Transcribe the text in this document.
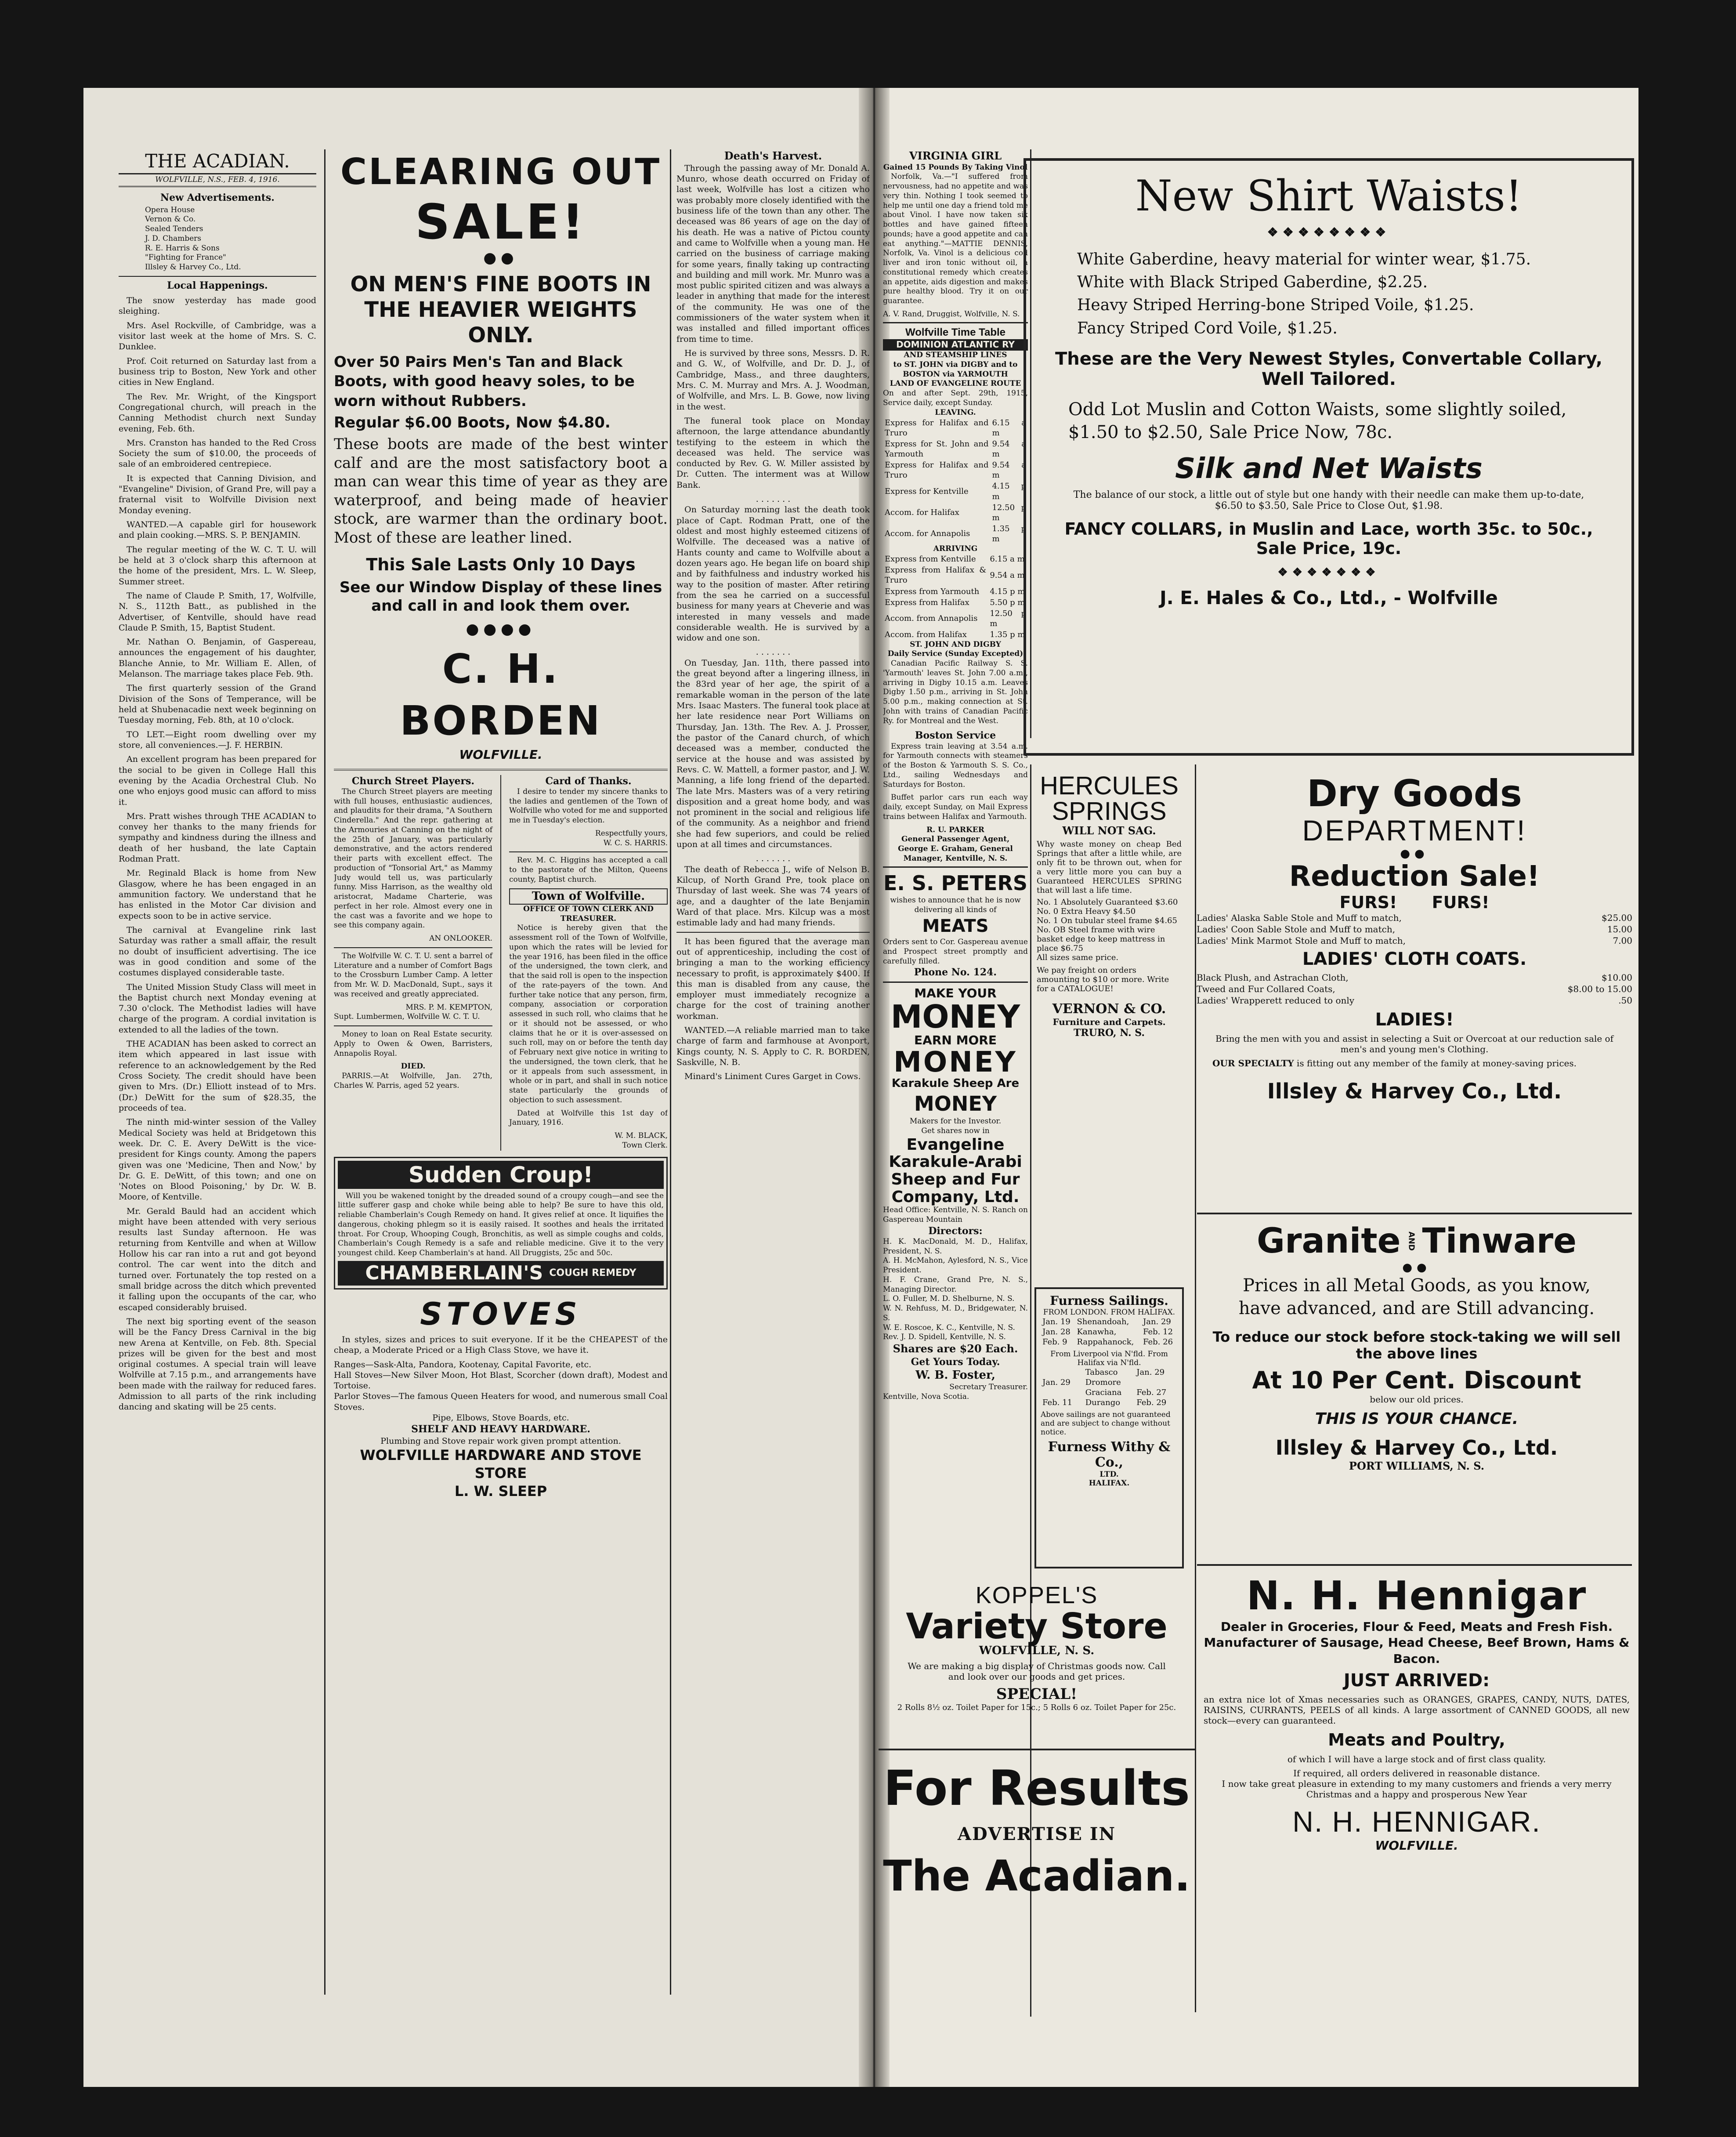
THE ACADIAN.
WOLFVILLE, N.S., FEB. 4, 1916.
New Advertisements.
Opera House
Vernon & Co.
Sealed Tenders
J. D. Chambers
R. E. Harris & Sons
"Fighting for France"
Illsley & Harvey Co., Ltd.
Local Happenings.

The snow yesterday has made good sleighing.

Mrs. Asel Rockville, of Cambridge, was a visitor last week at the home of Mrs. S. C. Dunklee.

Prof. Coit returned on Saturday last from a business trip to Boston, New York and other cities in New England.

The Rev. Mr. Wright, of the Kingsport Congregational church, will preach in the Canning Methodist church next Sunday evening, Feb. 6th.

Mrs. Cranston has handed to the Red Cross Society the sum of $10.00, the proceeds of sale of an embroidered centrepiece.

It is expected that Canning Division, and "Evangeline" Division, of Grand Pre, will pay a fraternal visit to Wolfville Division next Monday evening.

WANTED.—A capable girl for housework and plain cooking.—MRS. S. P. BENJAMIN.

The regular meeting of the W. C. T. U. will be held at 3 o'clock sharp this afternoon at the home of the president, Mrs. L. W. Sleep, Summer street.

The name of Claude P. Smith, 17, Wolfville, N. S., 112th Batt., as published in the Advertiser, of Kentville, should have read Claude P. Smith, 15, Baptist Student.

Mr. Nathan O. Benjamin, of Gaspereau, announces the engagement of his daughter, Blanche Annie, to Mr. William E. Allen, of Melanson. The marriage takes place Feb. 9th.

The first quarterly session of the Grand Division of the Sons of Temperance, will be held at Shubenacadie next week beginning on Tuesday morning, Feb. 8th, at 10 o'clock.

TO LET.—Eight room dwelling over my store, all conveniences.—J. F. HERBIN.

An excellent program has been prepared for the social to be given in College Hall this evening by the Acadia Orchestral Club. No one who enjoys good music can afford to miss it.

Mrs. Pratt wishes through THE ACADIAN to convey her thanks to the many friends for sympathy and kindness during the illness and death of her husband, the late Captain Rodman Pratt.

Mr. Reginald Black is home from New Glasgow, where he has been engaged in an ammunition factory. We understand that he has enlisted in the Motor Car division and expects soon to be in active service.

The carnival at Evangeline rink last Saturday was rather a small affair, the result no doubt of insufficient advertising. The ice was in good condition and some of the costumes displayed considerable taste.

The United Mission Study Class will meet in the Baptist church next Monday evening at 7.30 o'clock. The Methodist ladies will have charge of the program. A cordial invitation is extended to all the ladies of the town.

THE ACADIAN has been asked to correct an item which appeared in last issue with reference to an acknowledgement by the Red Cross Society. The credit should have been given to Mrs. (Dr.) Elliott instead of to Mrs. (Dr.) DeWitt for the sum of $28.35, the proceeds of tea.

The ninth mid-winter session of the Valley Medical Society was held at Bridgetown this week. Dr. C. E. Avery DeWitt is the vice-president for Kings county. Among the papers given was one 'Medicine, Then and Now,' by Dr. G. E. DeWitt, of this town; and one on 'Notes on Blood Poisoning,' by Dr. W. B. Moore, of Kentville.

Mr. Gerald Bauld had an accident which might have been attended with very serious results last Sunday afternoon. He was returning from Kentville and when at Willow Hollow his car ran into a rut and got beyond control. The car went into the ditch and turned over. Fortunately the top rested on a small bridge across the ditch which prevented it falling upon the occupants of the car, who escaped considerably bruised.

The next big sporting event of the season will be the Fancy Dress Carnival in the big new Arena at Kentville, on Feb. 8th. Special prizes will be given for the best and most original costumes. A special train will leave Wolfville at 7.15 p.m., and arrangements have been made with the railway for reduced fares. Admission to all parts of the rink including dancing and skating will be 25 cents.

CLEARING OUT
SALE!
●●
ON MEN'S FINE BOOTS IN THE HEAVIER WEIGHTS ONLY.
Over 50 Pairs Men's Tan and Black Boots, with good heavy soles, to be worn without Rubbers.
Regular $6.00 Boots, Now $4.80.
These boots are made of the best winter calf and are the most satisfactory boot a man can wear this time of year as they are waterproof, and being made of heavier stock, are warmer than the ordinary boot. Most of these are leather lined.
This Sale Lasts Only 10 Days
See our Window Display of these lines and call in and look them over.
●●●●
C. H. BORDEN
WOLFVILLE.
Church Street Players.

The Church Street players are meeting with full houses, enthusiastic audiences, and plaudits for their drama, "A Southern Cinderella." And the repr. gathering at the Armouries at Canning on the night of the 25th of January, was particularly demonstrative, and the actors rendered their parts with excellent effect. The production of "Tonsorial Art," as Mammy Judy would tell us, was particularly funny. Miss Harrison, as the wealthy old aristocrat, Madame Charterie, was perfect in her role. Almost every one in the cast was a favorite and we hope to see this company again.

AN ONLOOKER.

The Wolfville W. C. T. U. sent a barrel of Literature and a number of Comfort Bags to the Crossburn Lumber Camp. A letter from Mr. W. D. MacDonald, Supt., says it was received and greatly appreciated.

MRS. P. M. KEMPTON,
Supt. Lumbermen, Wolfville W. C. T. U.

Money to loan on Real Estate security. Apply to Owen & Owen, Barristers, Annapolis Royal.

DIED.

PARRIS.—At Wolfville, Jan. 27th, Charles W. Parris, aged 52 years.

Card of Thanks.

I desire to tender my sincere thanks to the ladies and gentlemen of the Town of Wolfville who voted for me and supported me in Tuesday's election.

Respectfully yours,
W. C. S. HARRIS.

Rev. M. C. Higgins has accepted a call to the pastorate of the Milton, Queens county, Baptist church.

Town of Wolfville.
OFFICE OF TOWN CLERK AND TREASURER.

Notice is hereby given that the assessment roll of the Town of Wolfville, upon which the rates will be levied for the year 1916, has been filed in the office of the undersigned, the town clerk, and that the said roll is open to the inspection of the rate-payers of the town. And further take notice that any person, firm, company, association or corporation assessed in such roll, who claims that he or it should not be assessed, or who claims that he or it is over-assessed on such roll, may on or before the tenth day of February next give notice in writing to the undersigned, the town clerk, that he or it appeals from such assessment, in whole or in part, and shall in such notice state particularly the grounds of objection to such assessment.

Dated at Wolfville this 1st day of January, 1916.

W. M. BLACK,
Town Clerk.
Sudden Croup!

Will you be wakened tonight by the dreaded sound of a croupy cough—and see the little sufferer gasp and choke while being able to help? Be sure to have this old, reliable Chamberlain's Cough Remedy on hand. It gives relief at once. It liquifies the dangerous, choking phlegm so it is easily raised. It soothes and heals the irritated throat. For Croup, Whooping Cough, Bronchitis, as well as simple coughs and colds, Chamberlain's Cough Remedy is a safe and reliable medicine. Give it to the very youngest child. Keep Chamberlain's at hand. All Druggists, 25c and 50c.

CHAMBERLAIN'S COUGH REMEDY
STOVES

In styles, sizes and prices to suit everyone. If it be the CHEAPEST of the cheap, a Moderate Priced or a High Class Stove, we have it.

Ranges—Sask-Alta, Pandora, Kootenay, Capital Favorite, etc.
Hall Stoves—New Silver Moon, Hot Blast, Scorcher (down draft), Modest and Tortoise.
Parlor Stoves—The famous Queen Heaters for wood, and numerous small Coal Stoves.
Pipe, Elbows, Stove Boards, etc.
SHELF AND HEAVY HARDWARE.
Plumbing and Stove repair work given prompt attention.
WOLFVILLE HARDWARE AND STOVE STORE
L. W. SLEEP
Death's Harvest.

Through the passing away of Mr. Donald A. Munro, whose death occurred on Friday of last week, Wolfville has lost a citizen who was probably more closely identified with the business life of the town than any other. The deceased was 86 years of age on the day of his death. He was a native of Pictou county and came to Wolfville when a young man. He carried on the business of carriage making for some years, finally taking up contracting and building and mill work. Mr. Munro was a most public spirited citizen and was always a leader in anything that made for the interest of the community. He was one of the commissioners of the water system when it was installed and filled important offices from time to time.

He is survived by three sons, Messrs. D. R. and G. W., of Wolfville, and Dr. D. J., of Cambridge, Mass., and three daughters, Mrs. C. M. Murray and Mrs. A. J. Woodman, of Wolfville, and Mrs. L. B. Gowe, now living in the west.

The funeral took place on Monday afternoon, the large attendance abundantly testifying to the esteem in which the deceased was held. The service was conducted by Rev. G. W. Miller assisted by Dr. Cutten. The interment was at Willow Bank.

. . . . . . .

On Saturday morning last the death took place of Capt. Rodman Pratt, one of the oldest and most highly esteemed citizens of Wolfville. The deceased was a native of Hants county and came to Wolfville about a dozen years ago. He began life on board ship and by faithfulness and industry worked his way to the position of master. After retiring from the sea he carried on a successful business for many years at Cheverie and was interested in many vessels and made considerable wealth. He is survived by a widow and one son.

. . . . . . .

On Tuesday, Jan. 11th, there passed into the great beyond after a lingering illness, in the 83rd year of her age, the spirit of a remarkable woman in the person of the late Mrs. Isaac Masters. The funeral took place at her late residence near Port Williams on Thursday, Jan. 13th. The Rev. A. J. Prosser, the pastor of the Canard church, of which deceased was a member, conducted the service at the house and was assisted by Revs. C. W. Mattell, a former pastor, and J. W. Manning, a life long friend of the departed. The late Mrs. Masters was of a very retiring disposition and a great home body, and was not prominent in the social and religious life of the community. As a neighbor and friend she had few superiors, and could be relied upon at all times and circumstances.

. . . . . . .

The death of Rebecca J., wife of Nelson B. Kilcup, of North Grand Pre, took place on Thursday of last week. She was 74 years of age, and a daughter of the late Benjamin Ward of that place. Mrs. Kilcup was a most estimable lady and had many friends.

It has been figured that the average man out of apprenticeship, including the cost of bringing a man to the working efficiency necessary to profit, is approximately $400. If this man is disabled from any cause, the employer must immediately recognize a charge for the cost of training another workman.

WANTED.—A reliable married man to take charge of farm and farmhouse at Avonport, Kings county, N. S. Apply to C. R. BORDEN, Saskville, N. B.

Minard's Liniment Cures Garget in Cows.

VIRGINIA GIRL
Gained 15 Pounds By Taking Vinol

Norfolk, Va.—"I suffered from nervousness, had no appetite and was very thin. Nothing I took seemed to help me until one day a friend told me about Vinol. I have now taken six bottles and have gained fifteen pounds; have a good appetite and can eat anything."—MATTIE DENNIS, Norfolk, Va. Vinol is a delicious cod liver and iron tonic without oil, a constitutional remedy which creates an appetite, aids digestion and makes pure healthy blood. Try it on our guarantee.

A. V. Rand, Druggist, Wolfville, N. S.
Wolfville Time Table
DOMINION ATLANTIC RY
AND STEAMSHIP LINES
to ST. JOHN via DIGBY and to BOSTON via YARMOUTH
LAND OF EVANGELINE ROUTE
On and after Sept. 29th, 1915, Service daily, except Sunday.
LEAVING.
Express for Halifax and Truro	6.15 a m
Express for St. John and Yarmouth	9.54 a m
Express for Halifax and Truro	9.54 a m
Express for Kentville	4.15 p m
Accom. for Halifax	12.50 p m
Accom. for Annapolis	1.35 p m
ARRIVING
Express from Kentville	6.15 a m
Express from Halifax & Truro	9.54 a m
Express from Yarmouth	4.15 p m
Express from Halifax	5.50 p m
Accom. from Annapolis	12.50 p m
Accom. from Halifax	1.35 p m
ST. JOHN AND DIGBY
Daily Service (Sunday Excepted)

Canadian Pacific Railway S. S. 'Yarmouth' leaves St. John 7.00 a.m., arriving in Digby 10.15 a.m. Leaves Digby 1.50 p.m., arriving in St. John 5.00 p.m., making connection at St. John with trains of Canadian Pacific Ry. for Montreal and the West.

Boston Service

Express train leaving at 3.54 a.m. for Yarmouth connects with steamers of the Boston & Yarmouth S. S. Co., Ltd., sailing Wednesdays and Saturdays for Boston.

Buffet parlor cars run each way daily, except Sunday, on Mail Express trains between Halifax and Yarmouth.

R. U. PARKER
General Passenger Agent,
George E. Graham, General Manager, Kentville, N. S.
E. S. PETERS
wishes to announce that he is now delivering all kinds of
MEATS
Orders sent to Cor. Gaspereau avenue and Prospect street promptly and carefully filled.
Phone No. 124.
MAKE YOUR
MONEY
EARN MORE
MONEY
Karakule Sheep Are
MONEY
Makers for the Investor.
Get shares now in
Evangeline
Karakule-Arabi
Sheep and Fur
Company, Ltd.
Head Office: Kentville, N. S. Ranch on Gaspereau Mountain
Directors:
H. K. MacDonald, M. D., Halifax, President, N. S.
A. H. McMahon, Aylesford, N. S., Vice President.
H. F. Crane, Grand Pre, N. S., Managing Director.
L. O. Fuller, M. D. Shelburne, N. S.
W. N. Rehfuss, M. D., Bridgewater, N. S.
W. E. Roscoe, K. C., Kentville, N. S.
Rev. J. D. Spidell, Kentville, N. S.
Shares are $20 Each.
Get Yours Today.
W. B. Foster,
Secretary Treasurer.
Kentville, Nova Scotia.
New Shirt Waists!
❖❖❖❖❖❖❖❖
White Gaberdine, heavy material for winter wear, $1.75.
White with Black Striped Gaberdine, $2.25.
Heavy Striped Herring-bone Striped Voile, $1.25.
Fancy Striped Cord Voile, $1.25.
These are the Very Newest Styles, Convertable Collary, Well Tailored.
Odd Lot Muslin and Cotton Waists, some slightly soiled, $1.50 to $2.50, Sale Price Now, 78c.
Silk and Net Waists
The balance of our stock, a little out of style but one handy with their needle can make them up-to-date, $6.50 to $3.50, Sale Price to Close Out, $1.98.
FANCY COLLARS, in Muslin and Lace, worth 35c. to 50c., Sale Price, 19c.
❖❖❖❖❖❖❖
J. E. Hales & Co., Ltd., - Wolfville
HERCULES
SPRINGS
WILL NOT SAG.

Why waste money on cheap Bed Springs that after a little while, are only fit to be thrown out, when for a very little more you can buy a Guaranteed HERCULES SPRING that will last a life time.

No. 1 Absolutely Guaranteed $3.60
No. 0 Extra Heavy $4.50
No. 1 On tubular steel frame $4.65
No. OB Steel frame with wire basket edge to keep mattress in place $6.75
All sizes same price.

We pay freight on orders amounting to $10 or more. Write for a CATALOGUE!

VERNON & CO.
Furniture and Carpets.
TRURO, N. S.
Furness Sailings.
FROM LONDON. FROM HALIFAX.
Jan. 19	Shenandoah,	Jan. 29
Jan. 28	Kanawha,	Feb. 12
Feb. 9	Rappahanock,	Feb. 26
From Liverpool via N'fld. From Halifax via N'fld.
	Tabasco	Jan. 29
Jan. 29	Dromore	
	Graciana	Feb. 27
Feb. 11	Durango	Feb. 29
Above sailings are not guaranteed and are subject to change without notice.
Furness Withy & Co.,
LTD.
HALIFAX.
KOPPEL'S
Variety Store
WOLFVILLE, N. S.
We are making a big display of Christmas goods now. Call and look over our goods and get prices.
SPECIAL!
2 Rolls 8½ oz. Toilet Paper for 15c.; 5 Rolls 6 oz. Toilet Paper for 25c.
For Results
ADVERTISE IN
The Acadian.
Dry Goods
DEPARTMENT!
●●
Reduction Sale!
FURS!      FURS!
Ladies' Alaska Sable Stole and Muff to match,	$25.00
Ladies' Coon Sable Stole and Muff to match,	15.00
Ladies' Mink Marmot Stole and Muff to match,	7.00
LADIES' CLOTH COATS.
Black Plush, and Astrachan Cloth,	$10.00
Tweed and Fur Collared Coats,	$8.00 to 15.00
Ladies' Wrapperett reduced to only	.50
LADIES!
Bring the men with you and assist in selecting a Suit or Overcoat at our reduction sale of men's and young men's Clothing.
OUR SPECIALTY is fitting out any member of the family at money-saving prices.
Illsley & Harvey Co., Ltd.
Granite AND Tinware
●●
Prices in all Metal Goods, as you know, have advanced, and are Still advancing.
To reduce our stock before stock-taking we will sell the above lines
At 10 Per Cent. Discount
below our old prices.
THIS IS YOUR CHANCE.
Illsley & Harvey Co., Ltd.
PORT WILLIAMS, N. S.
N. H. Hennigar
Dealer in Groceries, Flour & Feed, Meats and Fresh Fish. Manufacturer of Sausage, Head Cheese, Beef Brown, Hams & Bacon.
JUST ARRIVED:
an extra nice lot of Xmas necessaries such as ORANGES, GRAPES, CANDY, NUTS, DATES, RAISINS, CURRANTS, PEELS of all kinds. A large assortment of CANNED GOODS, all new stock—every can guaranteed.
Meats and Poultry,
of which I will have a large stock and of first class quality.
If required, all orders delivered in reasonable distance.
I now take great pleasure in extending to my many customers and friends a very merry Christmas and a happy and prosperous New Year
N. H. HENNIGAR.
WOLFVILLE.
